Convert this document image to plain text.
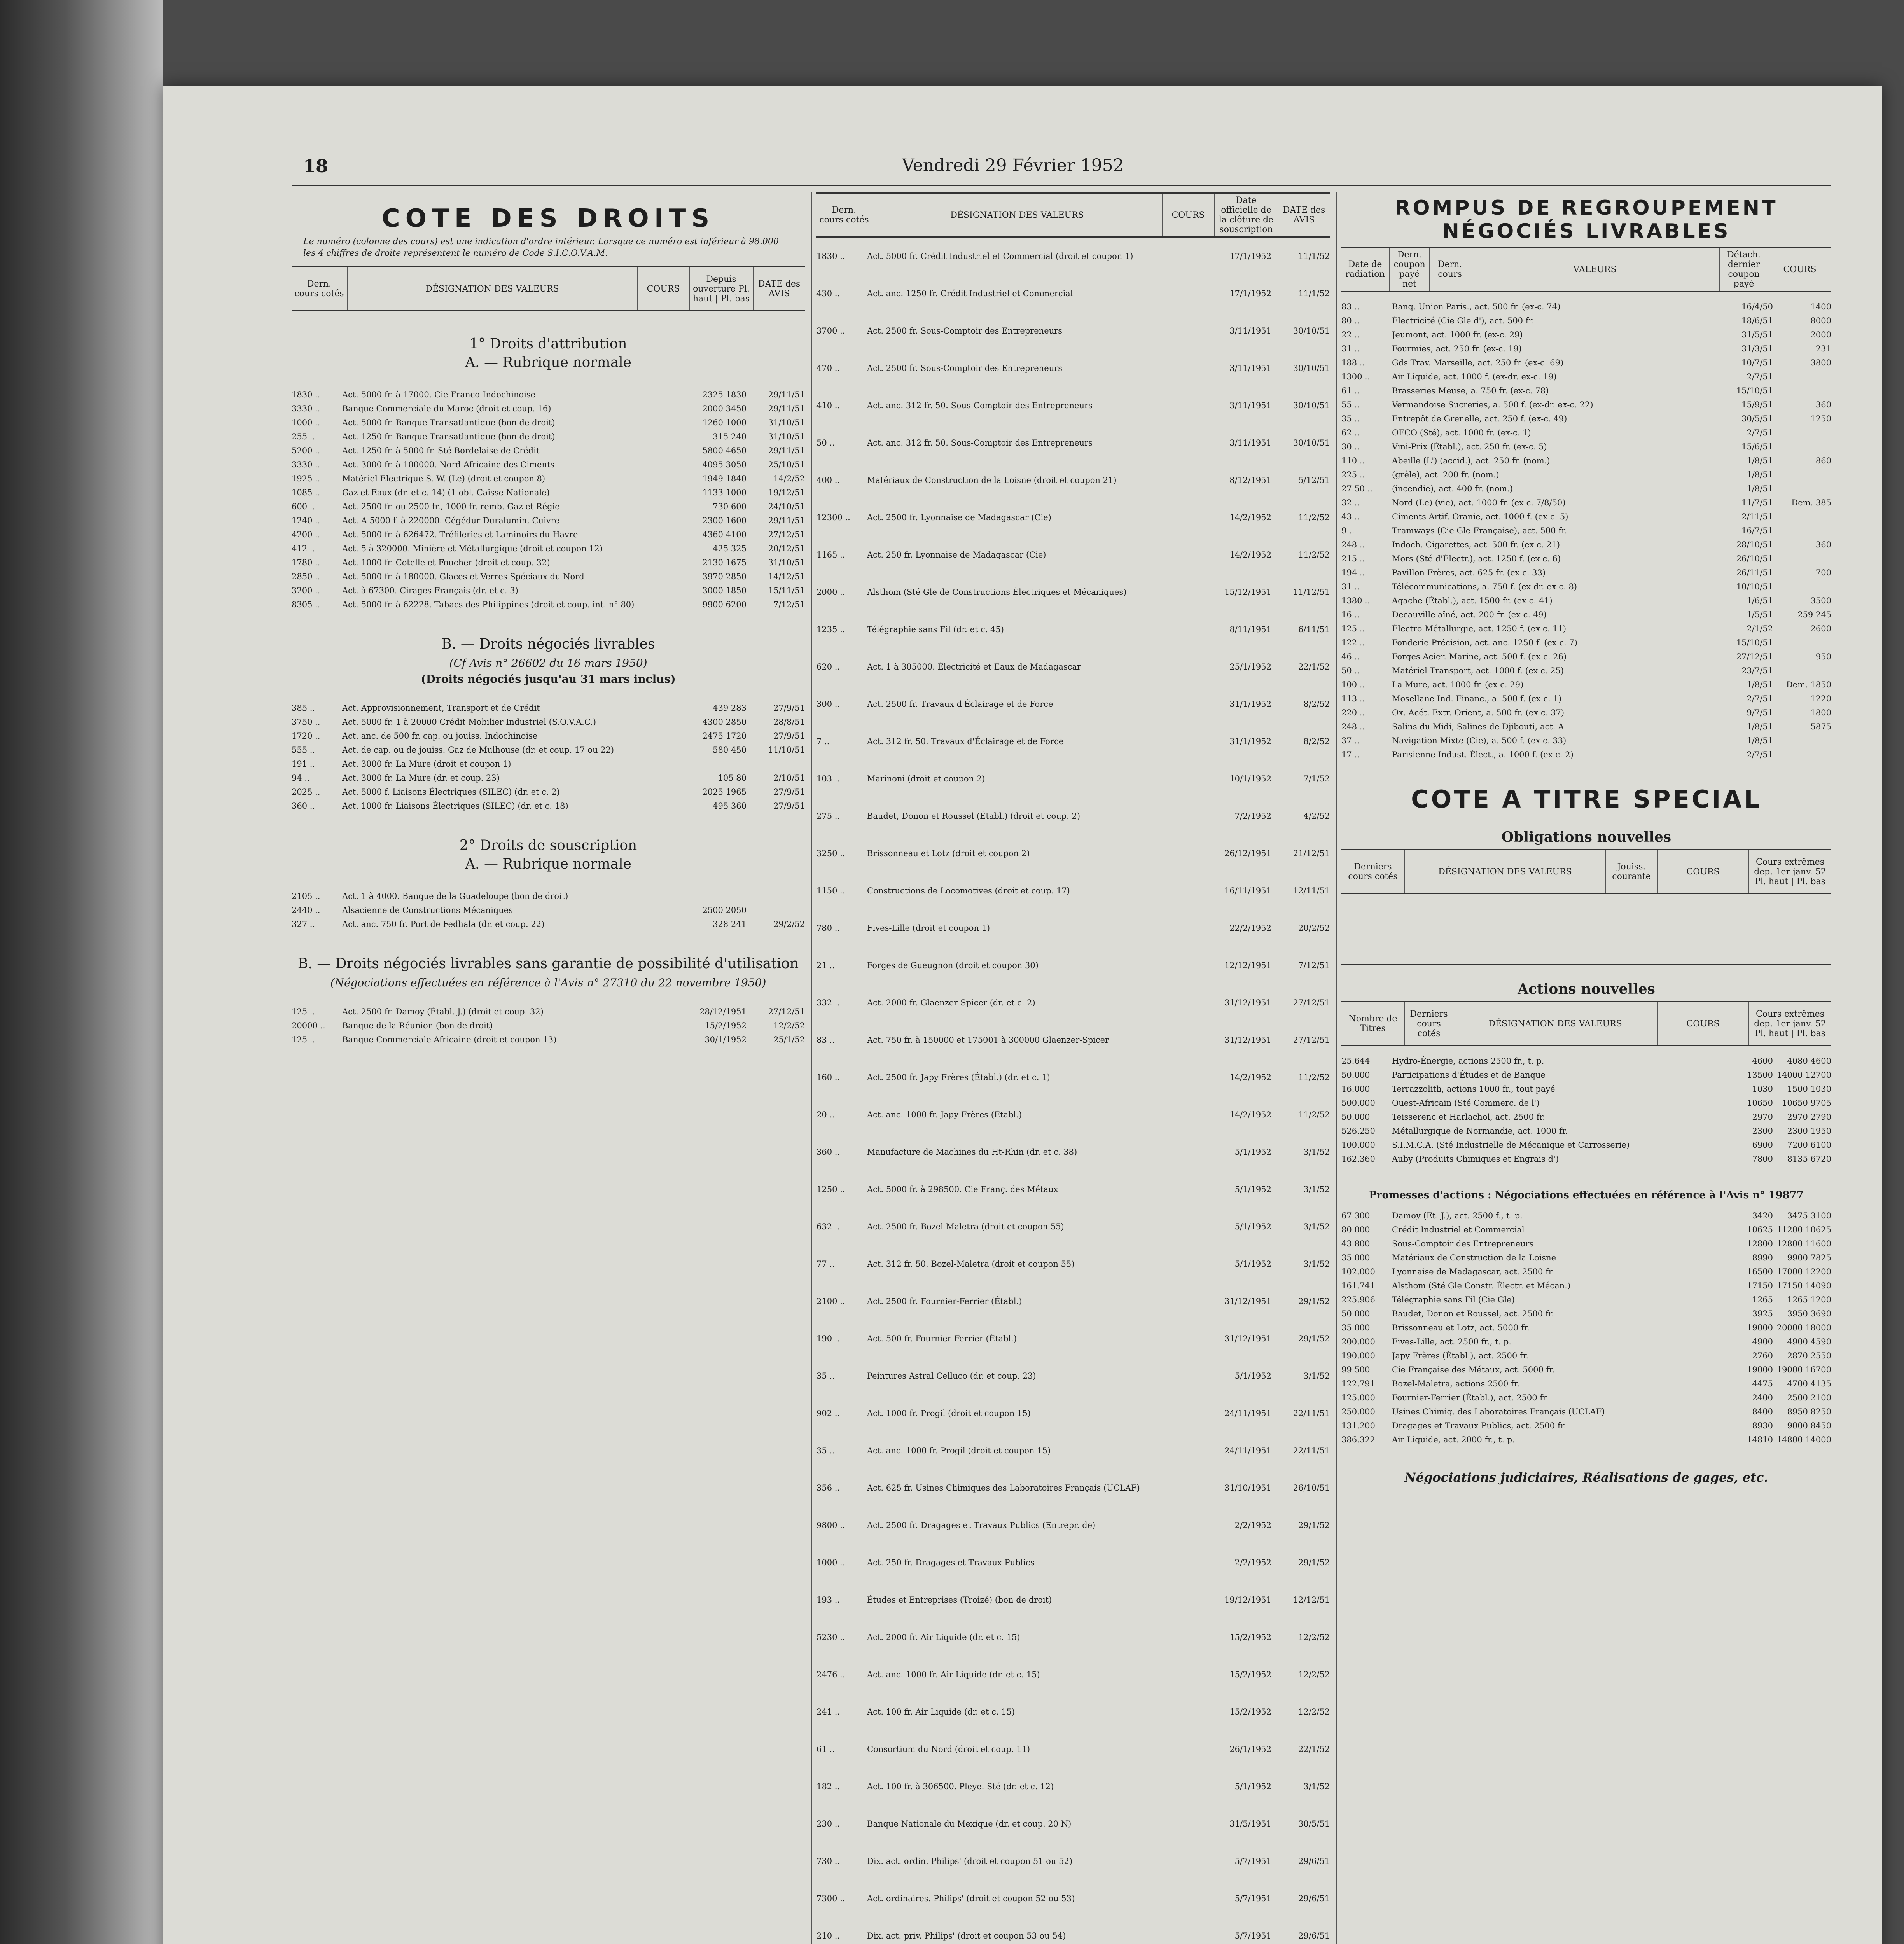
18	Vendredi 29 Février 1952
COTE DES DROITS
Le numéro (colonne des cours) est une indication d'ordre intérieur. Lorsque ce numéro est inférieur à 98.000 les 4 chiffres de droite représentent le numéro de Code S.I.C.O.V.A.M.
Dern. cours cotés	DÉSIGNATION DES VALEURS	COURS
Depuis ouverture Pl. haut | Pl. bas
DATE des AVIS
1° Droits d'attribution
A. — Rubrique normale
1830 ..	Act. 5000 fr. à 17000. Cie Franco-Indochinoise	2325 1830	29/11/51
3330 ..	Banque Commerciale du Maroc (droit et coup. 16)	2000 3450	29/11/51
1000 ..	Act. 5000 fr. Banque Transatlantique (bon de droit)	1260 1000	31/10/51
255 ..	Act. 1250 fr. Banque Transatlantique (bon de droit)	315 240	31/10/51
5200 ..	Act. 1250 fr. à 5000 fr. Sté Bordelaise de Crédit	5800 4650	29/11/51
3330 ..	Act. 3000 fr. à 100000. Nord-Africaine des Ciments	4095 3050	25/10/51
1925 ..	Matériel Électrique S. W. (Le) (droit et coupon 8)	1949 1840	14/2/52
1085 ..	Gaz et Eaux (dr. et c. 14) (1 obl. Caisse Nationale)	1133 1000	19/12/51
600 ..	Act. 2500 fr. ou 2500 fr., 1000 fr. remb. Gaz et Régie	730 600	24/10/51
1240 ..	Act. A 5000 f. à 220000. Cégédur Duralumin, Cuivre	2300 1600	29/11/51
4200 ..	Act. 5000 fr. à 626472. Tréfileries et Laminoirs du Havre	4360 4100	27/12/51
412 ..	Act. 5 à 320000. Minière et Métallurgique (droit et coupon 12)	425 325	20/12/51
1780 ..	Act. 1000 fr. Cotelle et Foucher (droit et coup. 32)	2130 1675	31/10/51
2850 ..	Act. 5000 fr. à 180000. Glaces et Verres Spéciaux du Nord	3970 2850	14/12/51
3200 ..	Act. à 67300. Cirages Français (dr. et c. 3)	3000 1850	15/11/51
8305 ..	Act. 5000 fr. à 62228. Tabacs des Philippines (droit et coup. int. n° 80)	9900 6200	7/12/51
B. — Droits négociés livrables
(Cf Avis n° 26602 du 16 mars 1950)
(Droits négociés jusqu'au 31 mars inclus)
385 ..	Act. Approvisionnement, Transport et de Crédit	439 283	27/9/51
3750 ..	Act. 5000 fr. 1 à 20000 Crédit Mobilier Industriel (S.O.V.A.C.)	4300 2850	28/8/51
1720 ..	Act. anc. de 500 fr. cap. ou jouiss. Indochinoise	2475 1720	27/9/51
555 ..	Act. de cap. ou de jouiss. Gaz de Mulhouse (dr. et coup. 17 ou 22)	580 450	11/10/51
191 ..	Act. 3000 fr. La Mure (droit et coupon 1)
94 ..	Act. 3000 fr. La Mure (dr. et coup. 23)	105 80	2/10/51
2025 ..	Act. 5000 f. Liaisons Électriques (SILEC) (dr. et c. 2)	2025 1965	27/9/51
360 ..	Act. 1000 fr. Liaisons Électriques (SILEC) (dr. et c. 18)	495 360	27/9/51
2° Droits de souscription
A. — Rubrique normale
2105 ..	Act. 1 à 4000. Banque de la Guadeloupe (bon de droit)
2440 ..	Alsacienne de Constructions Mécaniques	2500 2050
327 ..	Act. anc. 750 fr. Port de Fedhala (dr. et coup. 22)	328 241	29/2/52
B. — Droits négociés livrables sans garantie de possibilité d'utilisation
(Négociations effectuées en référence à l'Avis n° 27310 du 22 novembre 1950)
125 ..	Act. 2500 fr. Damoy (Établ. J.) (droit et coup. 32)	28/12/1951	27/12/51
20000 ..	Banque de la Réunion (bon de droit)	15/2/1952	12/2/52
125 ..	Banque Commerciale Africaine (droit et coupon 13)	30/1/1952	25/1/52
Dern. cours cotés	DÉSIGNATION DES VALEURS	COURS
Date officielle de la clôture de souscription
DATE des AVIS
1830 ..	Act. 5000 fr. Crédit Industriel et Commercial (droit et coupon 1)	17/1/1952	11/1/52
430 ..	Act. anc. 1250 fr. Crédit Industriel et Commercial	17/1/1952	11/1/52
3700 ..	Act. 2500 fr. Sous-Comptoir des Entrepreneurs	3/11/1951	30/10/51
470 ..	Act. 2500 fr. Sous-Comptoir des Entrepreneurs	3/11/1951	30/10/51
410 ..	Act. anc. 312 fr. 50. Sous-Comptoir des Entrepreneurs	3/11/1951	30/10/51
50 ..	Act. anc. 312 fr. 50. Sous-Comptoir des Entrepreneurs	3/11/1951	30/10/51
400 ..	Matériaux de Construction de la Loisne (droit et coupon 21)	8/12/1951	5/12/51
12300 ..	Act. 2500 fr. Lyonnaise de Madagascar (Cie)	14/2/1952	11/2/52
1165 ..	Act. 250 fr. Lyonnaise de Madagascar (Cie)	14/2/1952	11/2/52
2000 ..	Alsthom (Sté Gle de Constructions Électriques et Mécaniques)	15/12/1951	11/12/51
1235 ..	Télégraphie sans Fil (dr. et c. 45)	8/11/1951	6/11/51
620 ..	Act. 1 à 305000. Électricité et Eaux de Madagascar	25/1/1952	22/1/52
300 ..	Act. 2500 fr. Travaux d'Éclairage et de Force	31/1/1952	8/2/52
7 ..	Act. 312 fr. 50. Travaux d'Éclairage et de Force	31/1/1952	8/2/52
103 ..	Marinoni (droit et coupon 2)	10/1/1952	7/1/52
275 ..	Baudet, Donon et Roussel (Établ.) (droit et coup. 2)	7/2/1952	4/2/52
3250 ..	Brissonneau et Lotz (droit et coupon 2)	26/12/1951	21/12/51
1150 ..	Constructions de Locomotives (droit et coup. 17)	16/11/1951	12/11/51
780 ..	Fives-Lille (droit et coupon 1)	22/2/1952	20/2/52
21 ..	Forges de Gueugnon (droit et coupon 30)	12/12/1951	7/12/51
332 ..	Act. 2000 fr. Glaenzer-Spicer (dr. et c. 2)	31/12/1951	27/12/51
83 ..	Act. 750 fr. à 150000 et 175001 à 300000 Glaenzer-Spicer	31/12/1951	27/12/51
160 ..	Act. 2500 fr. Japy Frères (Établ.) (dr. et c. 1)	14/2/1952	11/2/52
20 ..	Act. anc. 1000 fr. Japy Frères (Établ.)	14/2/1952	11/2/52
360 ..	Manufacture de Machines du Ht-Rhin (dr. et c. 38)	5/1/1952	3/1/52
1250 ..	Act. 5000 fr. à 298500. Cie Franç. des Métaux	5/1/1952	3/1/52
632 ..	Act. 2500 fr. Bozel-Maletra (droit et coupon 55)	5/1/1952	3/1/52
77 ..	Act. 312 fr. 50. Bozel-Maletra (droit et coupon 55)	5/1/1952	3/1/52
2100 ..	Act. 2500 fr. Fournier-Ferrier (Établ.)	31/12/1951	29/1/52
190 ..	Act. 500 fr. Fournier-Ferrier (Établ.)	31/12/1951	29/1/52
35 ..	Peintures Astral Celluco (dr. et coup. 23)	5/1/1952	3/1/52
902 ..	Act. 1000 fr. Progil (droit et coupon 15)	24/11/1951	22/11/51
35 ..	Act. anc. 1000 fr. Progil (droit et coupon 15)	24/11/1951	22/11/51
356 ..	Act. 625 fr. Usines Chimiques des Laboratoires Français (UCLAF)	31/10/1951	26/10/51
9800 ..	Act. 2500 fr. Dragages et Travaux Publics (Entrepr. de)	2/2/1952	29/1/52
1000 ..	Act. 250 fr. Dragages et Travaux Publics	2/2/1952	29/1/52
193 ..	Études et Entreprises (Troizé) (bon de droit)	19/12/1951	12/12/51
5230 ..	Act. 2000 fr. Air Liquide (dr. et c. 15)	15/2/1952	12/2/52
2476 ..	Act. anc. 1000 fr. Air Liquide (dr. et c. 15)	15/2/1952	12/2/52
241 ..	Act. 100 fr. Air Liquide (dr. et c. 15)	15/2/1952	12/2/52
61 ..	Consortium du Nord (droit et coup. 11)	26/1/1952	22/1/52
182 ..	Act. 100 fr. à 306500. Pleyel Sté (dr. et c. 12)	5/1/1952	3/1/52
230 ..	Banque Nationale du Mexique (dr. et coup. 20 N)	31/5/1951	30/5/51
730 ..	Dix. act. ordin. Philips' (droit et coupon 51 ou 52)	5/7/1951	29/6/51
7300 ..	Act. ordinaires. Philips' (droit et coupon 52 ou 53)	5/7/1951	29/6/51
210 ..	Dix. act. priv. Philips' (droit et coupon 53 ou 54)	5/7/1951	29/6/51
ROMPUS DE REGROUPEMENT NÉGOCIÉS LIVRABLES
Date de radiation
Dern. coupon payé net
Dern. cours	VALEURS
Détach. dernier coupon payé
COURS
83 ..	Banq. Union Paris., act. 500 fr. (ex-c. 74)	16/4/50	1400
80 ..	Électricité (Cie Gle d'), act. 500 fr.	18/6/51	8000
22 ..	Jeumont, act. 1000 fr. (ex-c. 29)	31/5/51	2000
31 ..	Fourmies, act. 250 fr. (ex-c. 19)	31/3/51	231
188 ..	Gds Trav. Marseille, act. 250 fr. (ex-c. 69)	10/7/51	3800
1300 ..	Air Liquide, act. 1000 f. (ex-dr. ex-c. 19)	2/7/51
61 ..	Brasseries Meuse, a. 750 fr. (ex-c. 78)	15/10/51
55 ..	Vermandoise Sucreries, a. 500 f. (ex-dr. ex-c. 22)	15/9/51	360
35 ..	Entrepôt de Grenelle, act. 250 f. (ex-c. 49)	30/5/51	1250
62 ..	OFCO (Sté), act. 1000 fr. (ex-c. 1)	2/7/51
30 ..	Vini-Prix (Établ.), act. 250 fr. (ex-c. 5)	15/6/51
110 ..	Abeille (L') (accid.), act. 250 fr. (nom.)	1/8/51	860
225 ..	(grêle), act. 200 fr. (nom.)	1/8/51
27 50 ..	(incendie), act. 400 fr. (nom.)	1/8/51
32 ..	Nord (Le) (vie), act. 1000 fr. (ex-c. 7/8/50)	11/7/51	Dem. 385
43 ..	Ciments Artif. Oranie, act. 1000 f. (ex-c. 5)	2/11/51
9 ..	Tramways (Cie Gle Française), act. 500 fr.	16/7/51
248 ..	Indoch. Cigarettes, act. 500 fr. (ex-c. 21)	28/10/51	360
215 ..	Mors (Sté d'Électr.), act. 1250 f. (ex-c. 6)	26/10/51
194 ..	Pavillon Frères, act. 625 fr. (ex-c. 33)	26/11/51	700
31 ..	Télécommunications, a. 750 f. (ex-dr. ex-c. 8)	10/10/51
1380 ..	Agache (Établ.), act. 1500 fr. (ex-c. 41)	1/6/51	3500
16 ..	Decauville aîné, act. 200 fr. (ex-c. 49)	1/5/51	259 245
125 ..	Électro-Métallurgie, act. 1250 f. (ex-c. 11)	2/1/52	2600
122 ..	Fonderie Précision, act. anc. 1250 f. (ex-c. 7)	15/10/51
46 ..	Forges Acier. Marine, act. 500 f. (ex-c. 26)	27/12/51	950
50 ..	Matériel Transport, act. 1000 f. (ex-c. 25)	23/7/51
100 ..	La Mure, act. 1000 fr. (ex-c. 29)	1/8/51	Dem. 1850
113 ..	Mosellane Ind. Financ., a. 500 f. (ex-c. 1)	2/7/51	1220
220 ..	Ox. Acét. Extr.-Orient, a. 500 fr. (ex-c. 37)	9/7/51	1800
248 ..	Salins du Midi, Salines de Djibouti, act. A	1/8/51	5875
37 ..	Navigation Mixte (Cie), a. 500 f. (ex-c. 33)	1/8/51
17 ..	Parisienne Indust. Élect., a. 1000 f. (ex-c. 2)	2/7/51
COTE A TITRE SPECIAL
Obligations nouvelles
Derniers cours cotés	DÉSIGNATION DES VALEURS	Jouiss. courante	COURS
Cours extrêmes dep. 1er janv. 52 Pl. haut | Pl. bas
Actions nouvelles
Nombre de Titres
Derniers cours cotés
DÉSIGNATION DES VALEURS	COURS
Cours extrêmes dep. 1er janv. 52 Pl. haut | Pl. bas
25.644	Hydro-Énergie, actions 2500 fr., t. p.	4600	4080 4600
50.000	Participations d'Études et de Banque	13500 14000 12700
16.000	Terrazzolith, actions 1000 fr., tout payé	1030	1500 1030
500.000	Ouest-Africain (Sté Commerc. de l')	10650	10650 9705
50.000	Teisserenc et Harlachol, act. 2500 fr.	2970	2970 2790
526.250	Métallurgique de Normandie, act. 1000 fr.	2300	2300 1950
100.000	S.I.M.C.A. (Sté Industrielle de Mécanique et Carrosserie)	6900	7200 6100
162.360	Auby (Produits Chimiques et Engrais d')	7800	8135 6720
Promesses d'actions : Négociations effectuées en référence à l'Avis n° 19877
67.300	Damoy (Et. J.), act. 2500 f., t. p.	3420	3475 3100
80.000	Crédit Industriel et Commercial	10625 11200 10625
43.800	Sous-Comptoir des Entrepreneurs	12800 12800 11600
35.000	Matériaux de Construction de la Loisne	8990	9900 7825
102.000	Lyonnaise de Madagascar, act. 2500 fr.	16500 17000 12200
161.741	Alsthom (Sté Gle Constr. Électr. et Mécan.)	17150 17150 14090
225.906	Télégraphie sans Fil (Cie Gle)	1265	1265 1200
50.000	Baudet, Donon et Roussel, act. 2500 fr.	3925	3950 3690
35.000	Brissonneau et Lotz, act. 5000 fr.	19000 20000 18000
200.000	Fives-Lille, act. 2500 fr., t. p.	4900	4900 4590
190.000	Japy Frères (Établ.), act. 2500 fr.	2760	2870 2550
99.500	Cie Française des Métaux, act. 5000 fr.	19000 19000 16700
122.791	Bozel-Maletra, actions 2500 fr.	4475	4700 4135
125.000	Fournier-Ferrier (Établ.), act. 2500 fr.	2400	2500 2100
250.000	Usines Chimiq. des Laboratoires Français (UCLAF)	8400	8950 8250
131.200	Dragages et Travaux Publics, act. 2500 fr.	8930	9000 8450
386.322	Air Liquide, act. 2000 fr., t. p.	14810 14800 14000
Négociations judiciaires, Réalisations de gages, etc.
